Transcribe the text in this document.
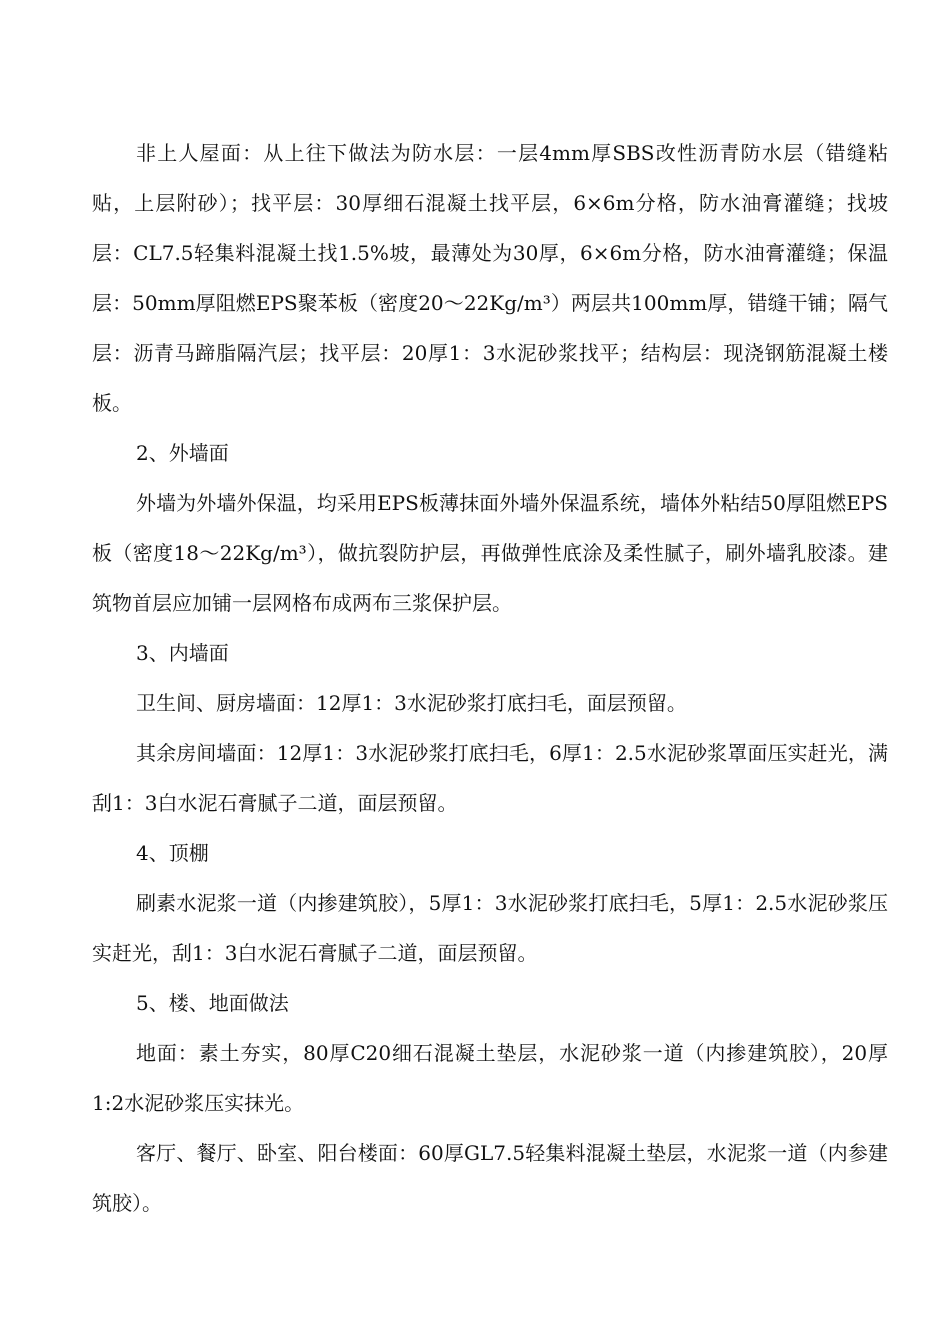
非上人屋面：从上往下做法为防水层：一层4mm厚SBS改性沥青防水层（错缝粘贴，上层附砂）；找平层：30厚细石混凝土找平层，6×6m分格，防水油膏灌缝；找坡层：CL7.5轻集料混凝土找1.5%坡，最薄处为30厚，6×6m分格，防水油膏灌缝；保温层：50mm厚阻燃EPS聚苯板（密度20～22Kg/m³）两层共100mm厚，错缝干铺；隔气层：沥青马蹄脂隔汽层；找平层：20厚1：3水泥砂浆找平；结构层：现浇钢筋混凝土楼板。

2、外墙面

外墙为外墙外保温，均采用EPS板薄抹面外墙外保温系统，墙体外粘结50厚阻燃EPS板（密度18～22Kg/m³），做抗裂防护层，再做弹性底涂及柔性腻子，刷外墙乳胶漆。建筑物首层应加铺一层网格布成两布三浆保护层。

3、内墙面

卫生间、厨房墙面：12厚1：3水泥砂浆打底扫毛，面层预留。

其余房间墙面：12厚1：3水泥砂浆打底扫毛，6厚1：2.5水泥砂浆罩面压实赶光，满刮1：3白水泥石膏腻子二道，面层预留。

4、顶棚

刷素水泥浆一道（内掺建筑胶），5厚1：3水泥砂浆打底扫毛，5厚1：2.5水泥砂浆压实赶光，刮1：3白水泥石膏腻子二道，面层预留。

5、楼、地面做法

地面：素土夯实，80厚C20细石混凝土垫层，水泥砂浆一道（内掺建筑胶），20厚1:2水泥砂浆压实抹光。

客厅、餐厅、卧室、阳台楼面：60厚GL7.5轻集料混凝土垫层，水泥浆一道（内参建筑胶）。
